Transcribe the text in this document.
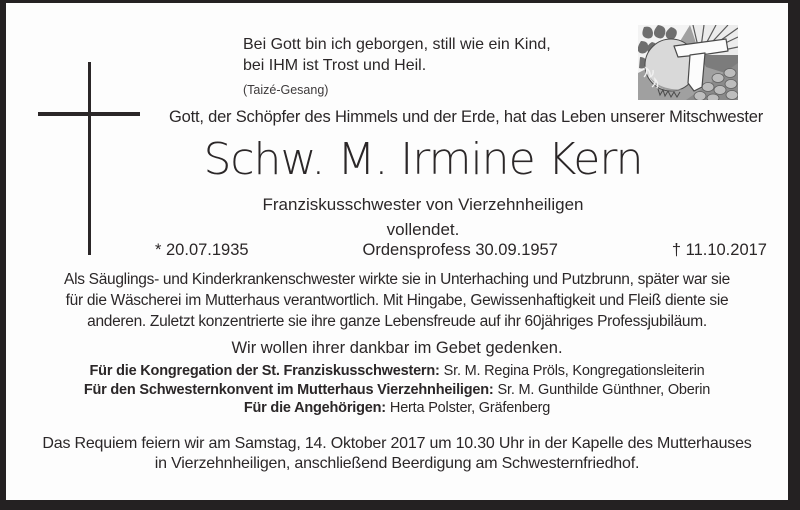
Bei Gott bin ich geborgen, still wie ein Kind,
bei IHM ist Trost und Heil.
(Taizé-Gesang)
Gott, der Schöpfer des Himmels und der Erde, hat das Leben unserer Mitschwester
Schw. M. Irmine Kern
Franziskusschwester von Vierzehnheiligen
vollendet.
* 20.07.1935	Ordensprofess 30.09.1957	† 11.10.2017
Als Säuglings- und Kinderkrankenschwester wirkte sie in Unterhaching und Putzbrunn, später war sie
für die Wäscherei im Mutterhaus verantwortlich. Mit Hingabe, Gewissenhaftigkeit und Fleiß diente sie
anderen. Zuletzt konzentrierte sie ihre ganze Lebensfreude auf ihr 60jähriges Professjubiläum.
Wir wollen ihrer dankbar im Gebet gedenken.
Für die Kongregation der St. Franziskusschwestern: Sr. M. Regina Pröls, Kongregationsleiterin
Für den Schwesternkonvent im Mutterhaus Vierzehnheiligen: Sr. M. Gunthilde Günthner, Oberin
Für die Angehörigen: Herta Polster, Gräfenberg
Das Requiem feiern wir am Samstag, 14. Oktober 2017 um 10.30 Uhr in der Kapelle des Mutterhauses
in Vierzehnheiligen, anschließend Beerdigung am Schwesternfriedhof.
